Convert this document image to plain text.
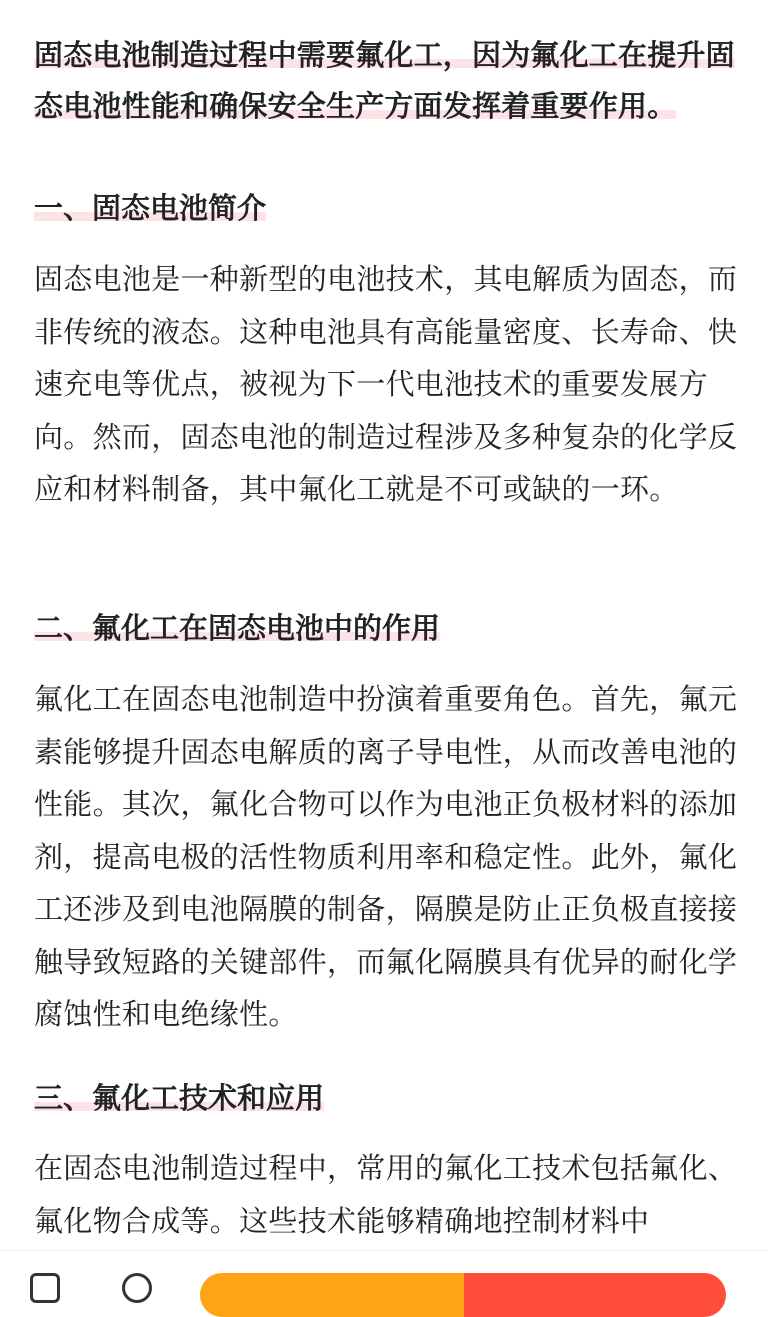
固态电池制造过程中需要氟化工，因为氟化工在提升固态电池性能和确保安全生产方面发挥着重要作用。

一、固态电池简介

固态电池是一种新型的电池技术，其电解质为固态，而非传统的液态。这种电池具有高能量密度、长寿命、快速充电等优点，被视为下一代电池技术的重要发展方向。然而，固态电池的制造过程涉及多种复杂的化学反应和材料制备，其中氟化工就是不可或缺的一环。

二、氟化工在固态电池中的作用

氟化工在固态电池制造中扮演着重要角色。首先，氟元素能够提升固态电解质的离子导电性，从而改善电池的性能。其次，氟化合物可以作为电池正负极材料的添加剂，提高电极的活性物质利用率和稳定性。此外，氟化工还涉及到电池隔膜的制备，隔膜是防止正负极直接接触导致短路的关键部件，而氟化隔膜具有优异的耐化学腐蚀性和电绝缘性。

三、氟化工技术和应用

在固态电池制造过程中，常用的氟化工技术包括氟化、氟化物合成等。这些技术能够精确地控制材料中
